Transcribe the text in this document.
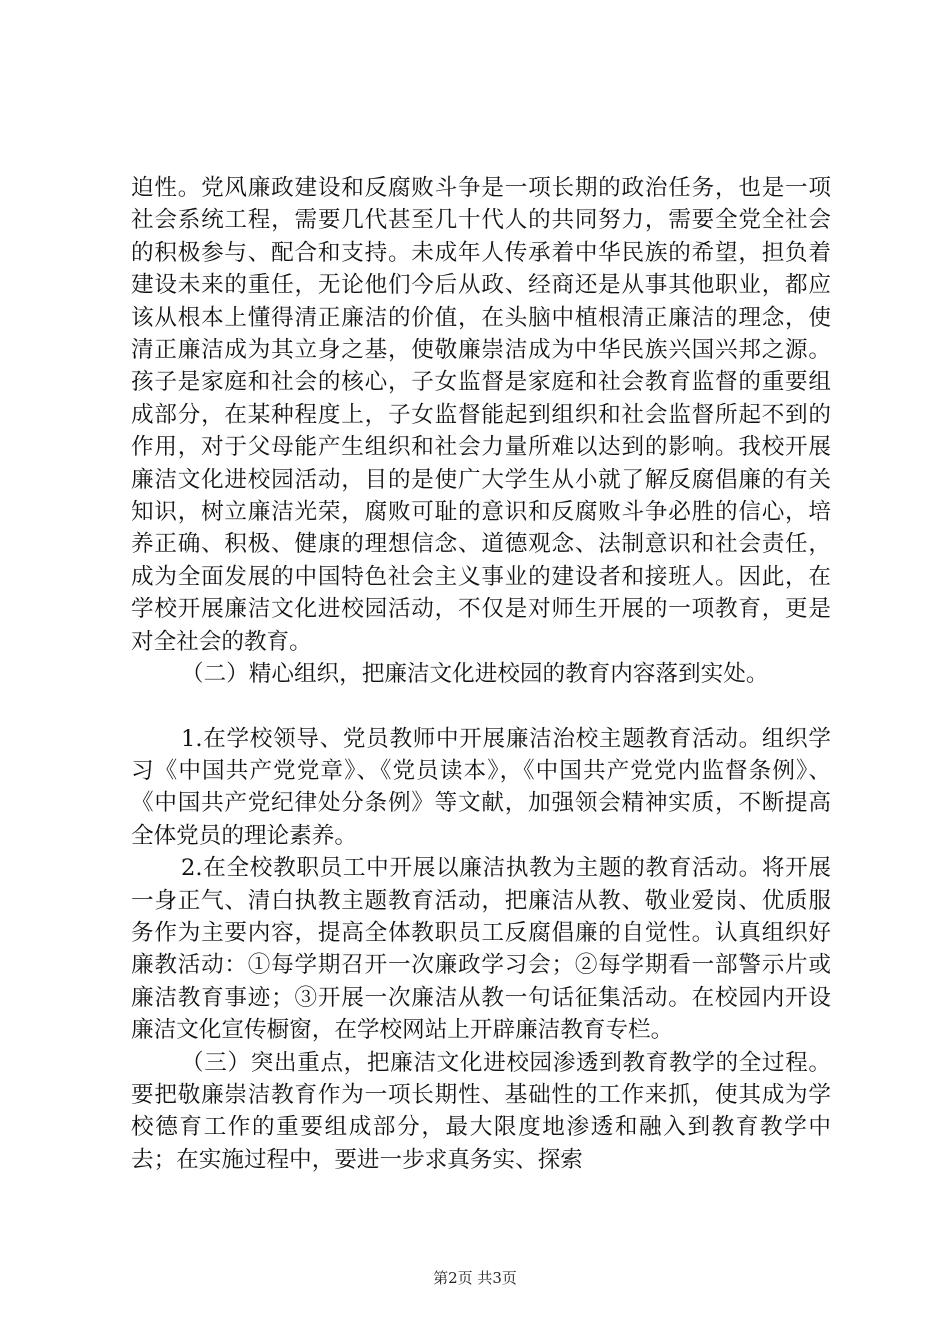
迫性。党风廉政建设和反腐败斗争是一项长期的政治任务，也是一项社会系统工程，需要几代甚至几十代人的共同努力，需要全党全社会的积极参与、配合和支持。未成年人传承着中华民族的希望，担负着建设未来的重任，无论他们今后从政、经商还是从事其他职业，都应该从根本上懂得清正廉洁的价值，在头脑中植根清正廉洁的理念，使清正廉洁成为其立身之基，使敬廉崇洁成为中华民族兴国兴邦之源。孩子是家庭和社会的核心，子女监督是家庭和社会教育监督的重要组成部分，在某种程度上，子女监督能起到组织和社会监督所起不到的作用，对于父母能产生组织和社会力量所难以达到的影响。我校开展廉洁文化进校园活动，目的是使广大学生从小就了解反腐倡廉的有关知识，树立廉洁光荣，腐败可耻的意识和反腐败斗争必胜的信心，培养正确、积极、健康的理想信念、道德观念、法制意识和社会责任，成为全面发展的中国特色社会主义事业的建设者和接班人。因此，在学校开展廉洁文化进校园活动，不仅是对师生开展的一项教育，更是对全社会的教育。

（二）精心组织，把廉洁文化进校园的教育内容落到实处。

1.在学校领导、党员教师中开展廉洁治校主题教育活动。组织学习《中国共产党党章》、《党员读本》，《中国共产党党内监督条例》、《中国共产党纪律处分条例》等文献，加强领会精神实质，不断提高全体党员的理论素养。

2.在全校教职员工中开展以廉洁执教为主题的教育活动。将开展一身正气、清白执教主题教育活动，把廉洁从教、敬业爱岗、优质服务作为主要内容，提高全体教职员工反腐倡廉的自觉性。认真组织好廉教活动：①每学期召开一次廉政学习会；②每学期看一部警示片或廉洁教育事迹；③开展一次廉洁从教一句话征集活动。在校园内开设廉洁文化宣传橱窗，在学校网站上开辟廉洁教育专栏。

（三）突出重点，把廉洁文化进校园渗透到教育教学的全过程。要把敬廉崇洁教育作为一项长期性、基础性的工作来抓，使其成为学校德育工作的重要组成部分，最大限度地渗透和融入到教育教学中去；在实施过程中，要进一步求真务实、探索

第2页 共3页
